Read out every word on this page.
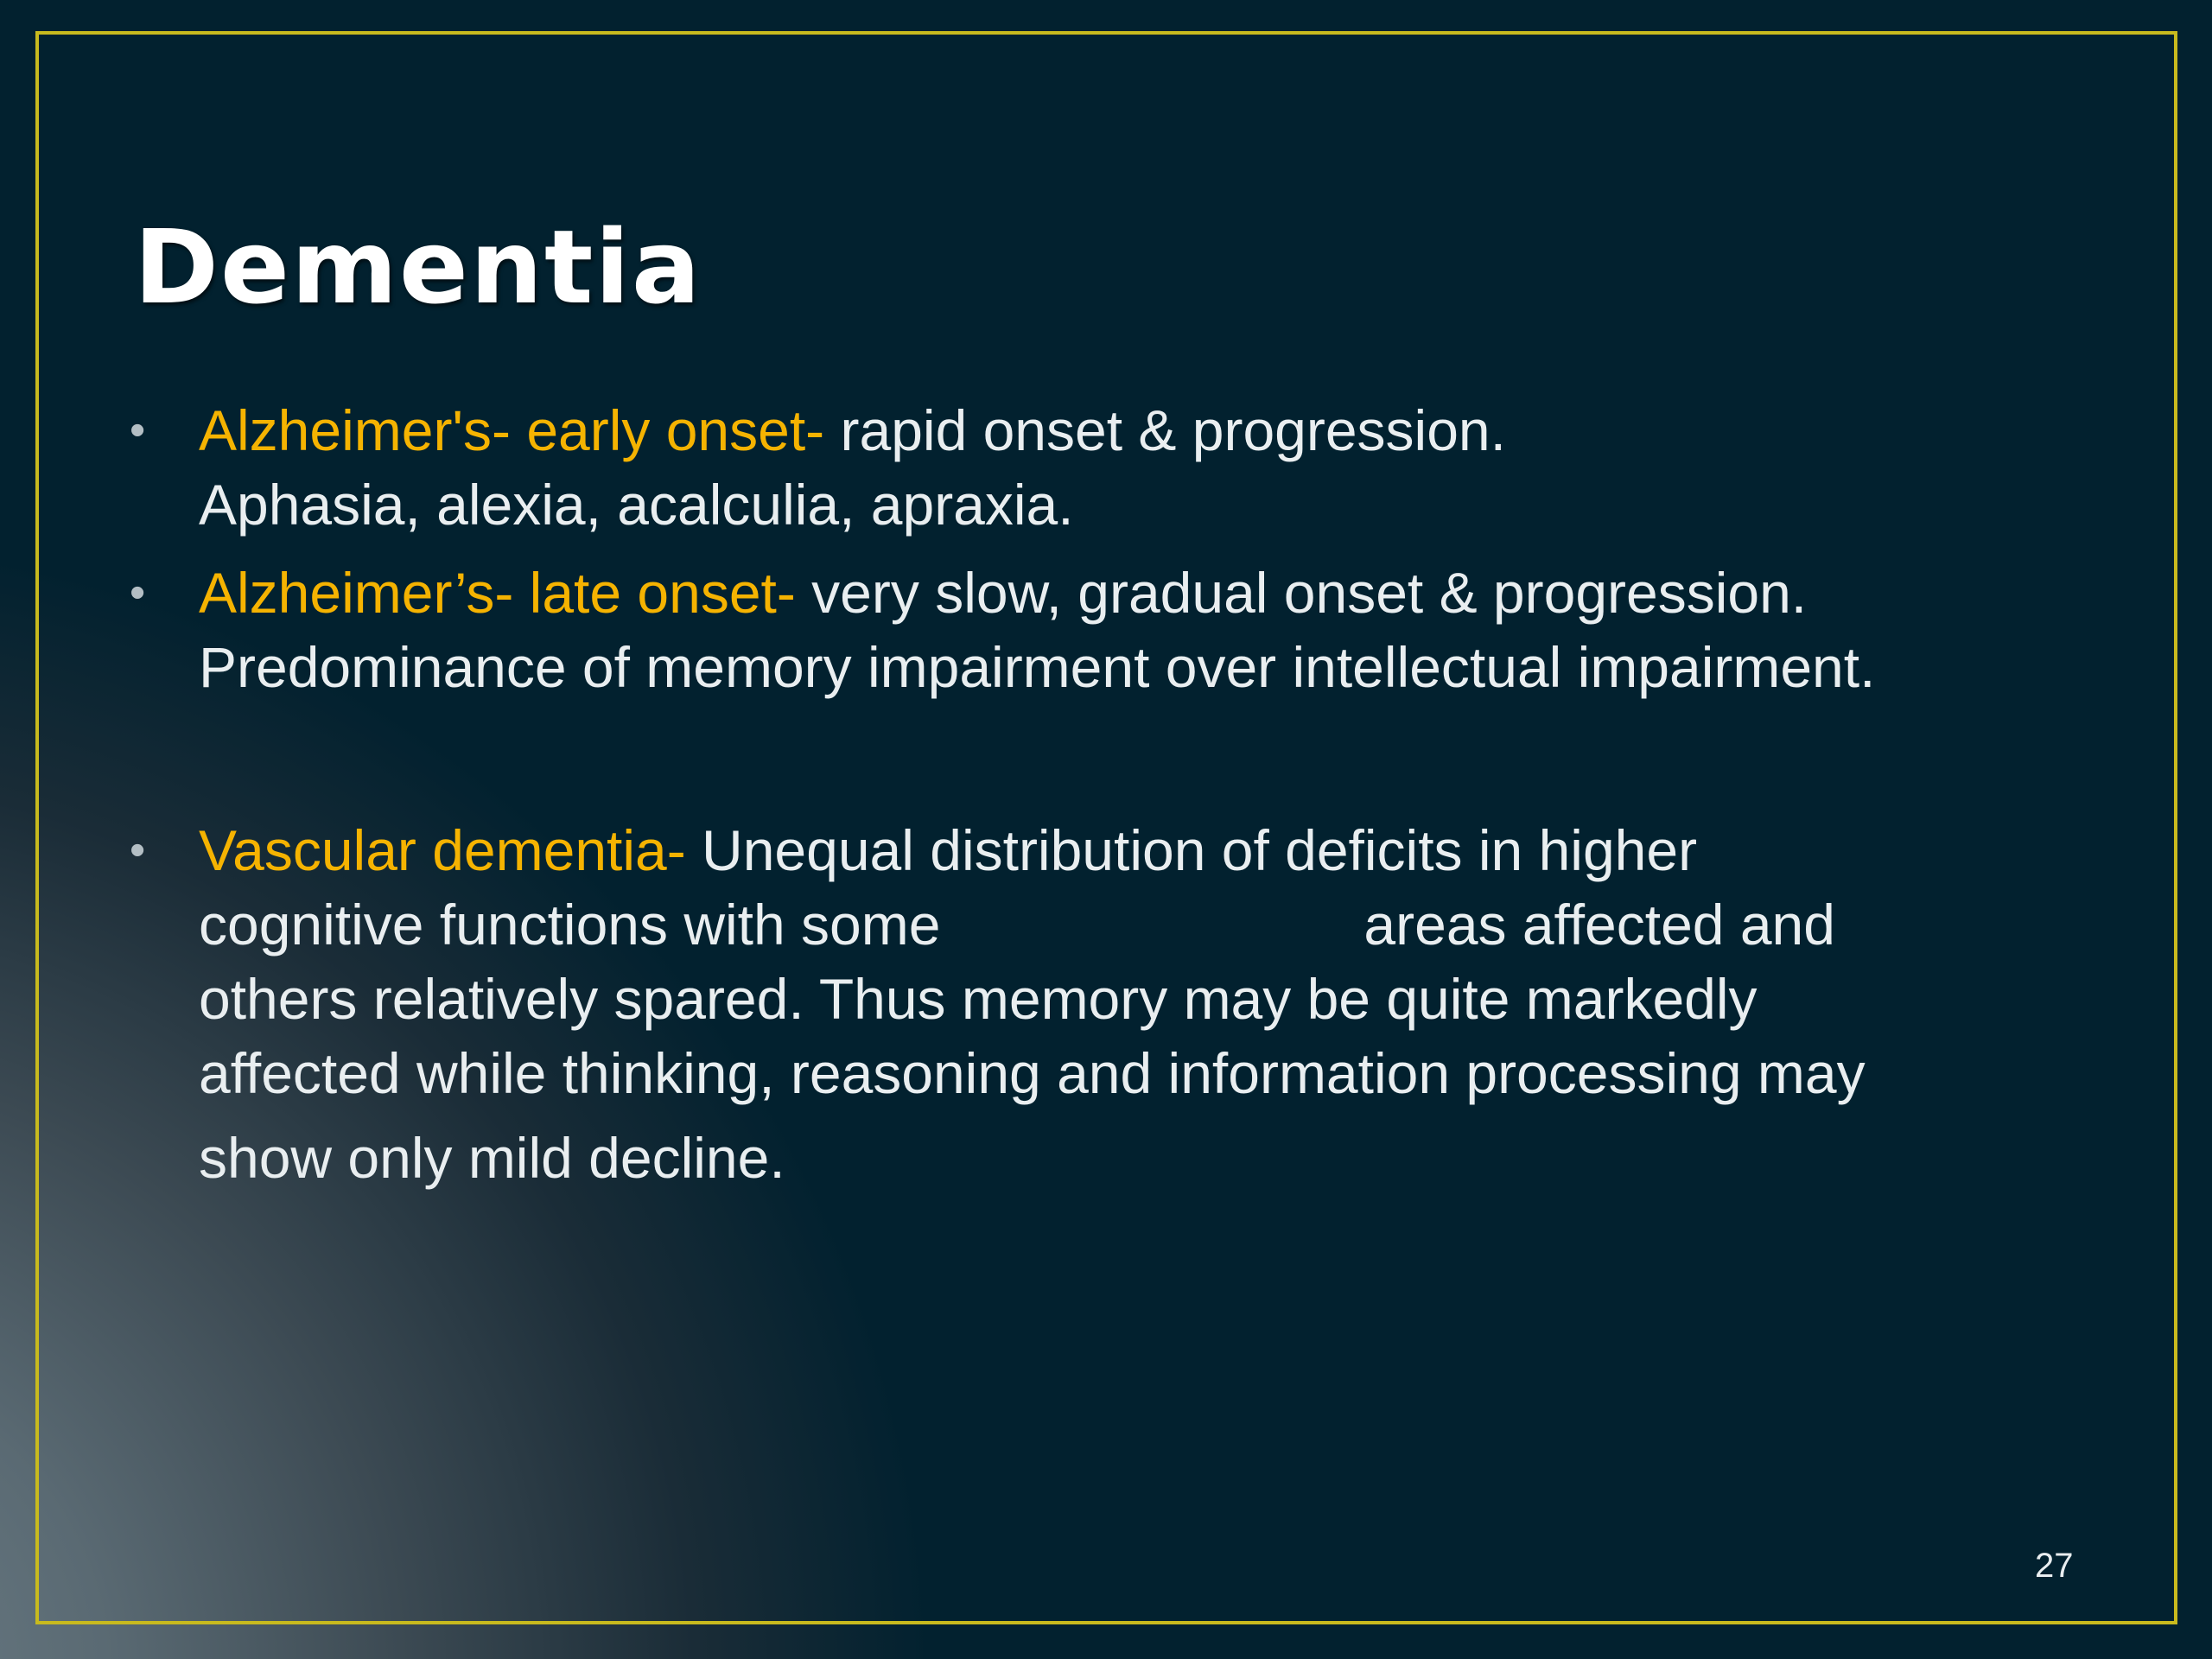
Dementia
• Alzheimer's- early onset- rapid onset & progression.
Aphasia, alexia, acalculia, apraxia.
• Alzheimer’s- late onset- very slow, gradual onset & progression.
Predominance of memory impairment over intellectual impairment.
• Vascular dementia- Unequal distribution of deficits in higher
cognitive functions with some	areas affected and
others relatively spared. Thus memory may be quite markedly
affected while thinking, reasoning and information processing may
show only mild decline.
27
